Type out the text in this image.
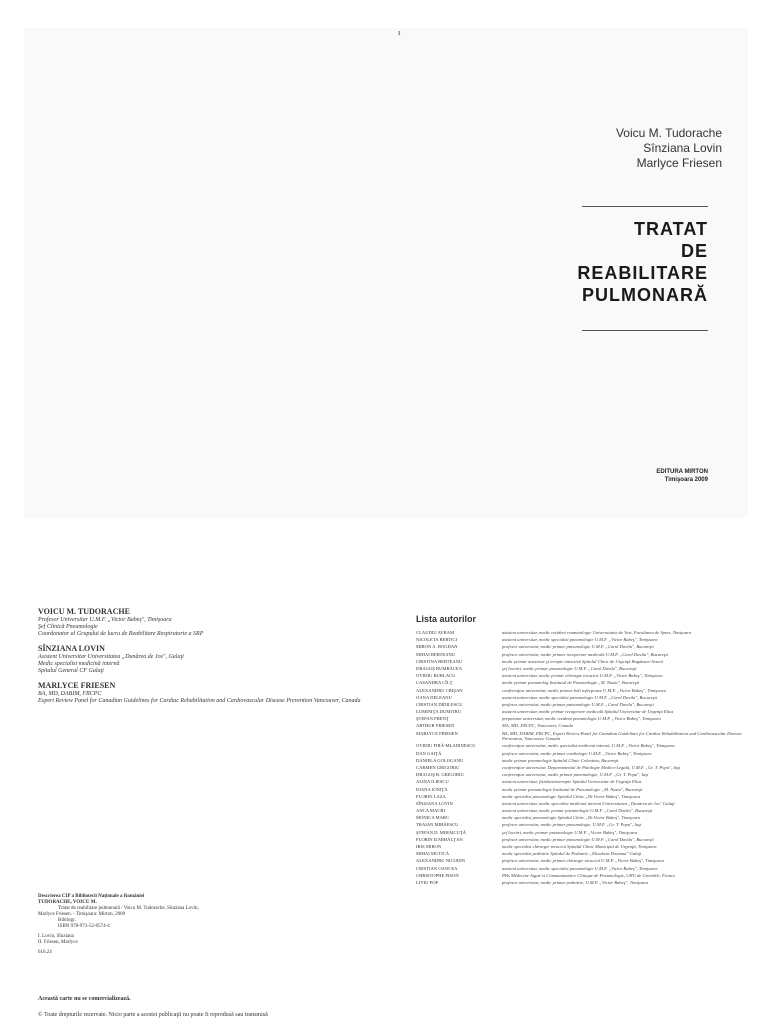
ı
Voicu M. Tudorache
Sînziana Lovin
Marlyce Friesen
TRATAT
DE
REABILITARE
PULMONARĂ
EDITURA MIRTON
Timişoara 2009
VOICU M. TUDORACHE
Profesor Universitar U.M.F. „Victor Babeş", Timişoara
Şef Clinică Pneumologie
Coordonator al Grupului de lucru de Reabilitare Respiratorie a SRP
SÎNZIANA LOVIN
Asistent Universitar Universitatea „Dunărea de Jos", Galaţi
Medic specialist medicină internă
Spitalul General CF Galaţi
MARLYCE FRIESEN
BA, MD, DABIM, FRCPC
Expert Review Panel for Canadian Guidelines for Cardiac Rehabilitation and Cardiovascular Disease Prevention Vancouver, Canada
Descrierea CIP a Bibliotecii Naţionale a României
TUDORACHE, VOICU M.
Tratat de reabilitare pulmonară / Voicu M. Tudorache, Sînziana Lovin,
Marlyce Friesen. - Timişoara: Mirton, 2009
Bibliogr.
ISBN 978-973-52-0574-4
I. Lovin, Sînziana
II. Friesen, Marlyce
616.24
Această carte nu se comercializează.
© Toate drepturile rezervate. Nicio parte a acestei publicaţii nu poate fi reprodusă sau transmisă
Lista autorilor
CLAUDIU AVRAM	asistent universitar, medic rezident reumatologie Universitatea de Vest, Facultatea de Sport, Timişoara
NICOLETA BERTICI	asistent universitar, medic specialist pneumologie U.M.F. „Victor Babeş", Timişoara
MIRON A. BOGDAN	profesor universitar, medic primar pneumologie U.M.F. „Carol Davila", Bucureşti
MIHAI BERTEANU	profesor universitar, medic primar recuperare medicală U.M.F. „Carol Davila", Bucureşti
CRISTINA BERTEANU	medic primar anestezie şi terapie intensivă Spitalul Clinic de Urgenţă Bagdasar-Arseni
DRAGOŞ BUMBĂCEA	şef lucrări, medic primar pneumologie U.M.F. „Carol Davila", Bucureşti
OVIDIU BURLACU	asistent universitar, medic primar chirurgie toracică U.M.F. „Victor Babeş", Timişoara
CASANDRA CÎLŢ	medic primar pneumolog Institutul de Pneumologie „M. Nasta", Bucureşti
ALEXANDRU CRIŞAN	conferenţiar universitar, medic primar boli infecţioase U.M.F. „Victor Babeş", Timişoara
OANA DELEANU	asistent universitar, medic specialist pneumologie U.M.F. „Carol Davila", Bucureşti
CRISTIAN DIDILESCU	profesor universitar, medic primar pneumologie U.M.F. „Carol Davila", Bucureşti
LUMINIŢA DUMITRU	asistent universitar, medic primar recuperare medicală Spitalul Universitar de Urgenţă Elias
ŞTEFAN FRENŢ	preparator universitar, medic rezident pneumologie U.M.F. „Victor Babeş", Timişoara
ARTHUR FRIESEN	MA, MD, FRCPC, Vancouver, Canada
MARLYCE FRIESEN	BA, MD, DABIM, FRCPC, Expert Review Panel for Canadian Guidelines for Cardiac Rehabilitation and Cardiovascular Disease Prevention, Vancouver, Canada
OVIDIU FIRĂ-MLADINESCU	conferenţiar universitar, medic specialist medicină internă, U.M.F. „Victor Babeş", Timişoara
DAN GAIŢĂ	profesor universitar, medic primar cardiologie U.M.F. „Victor Babeş", Timişoara
DANIELA GOLOGANU	medic primar pneumologie Spitalul Clinic Colentina, Bucureşti
CARMEN GRIGORIU	conferenţiar universitar, Departamentul de Patologie Medico-Legală, U.M.F. „Gr. T. Popa", Iaşi
DRAGOŞ B. GRIGORIU	conferenţiar universitar, medic primar pneumologie, U.M.F. „Gr. T. Popa", Iaşi
ALINA ILIESCU	asistent universitar, fiziokinetoterapie Spitalul Universitar de Urgenţă Elias
DIANA IONIŢĂ	medic primar pneumologie Institutul de Pneumologie „M. Nasta", Bucureşti
FLORIN LAZA	medic specialist pneumologie Spitalul Clinic „Dr.Victor Babeş", Timişoara
SÎNZIANA LOVIN	asistent universitar, medic specialist medicină internă Universitatea „Dunărea de Jos" Galaţi
ANCA MACRI	asistent universitar, medic primar pneumologie U.M.F. „Carol Davila", Bucureşti
MONICA MARC	medic specialist pneumologie Spitalul Clinic „Dr.Victor Babeş", Timişoara
TRAIAN MIHĂESCU	profesor universitar, medic primar pneumologie, U.M.F. „Gr. T. Popa", Iaşi
ŞTEFAN D. MIHĂICUŢĂ	şef lucrări, medic primar pneumologie U.M.F. „Victor Babeş", Timişoara
FLORIN D.MIHĂLŢAN	profesor universitar, medic primar pneumologie U.M.F. „Carol Davila", Bucureşti
IRIS MIRON	medic specialist chirurgie toracică Spitalul Clinic Municipal de Urgenţă, Timişoara
MIHAI MUTICĂ	medic specialist pediatrie Spitalul de Pediatrie „Elisabeta Doamna" Galaţi
ALEXANDRU NICODIN	profesor universitar, medic primar chirurgie toracică U.M.F. „Victor Babeş", Timişoara
CRISTIAN OANCEA	asistent universitar, medic specialist pneumologie U.M.F. „Victor Babeş", Timişoara
CHRISTOPHE PISON	PHs Médecine Aiguë et Communautaire Clinique de Pneumologie, CHU de Grenoble, France
LIVIU POP	profesor universitar, medic primar pediatrie, U.M.F. „Victor Babeş", Timişoara
